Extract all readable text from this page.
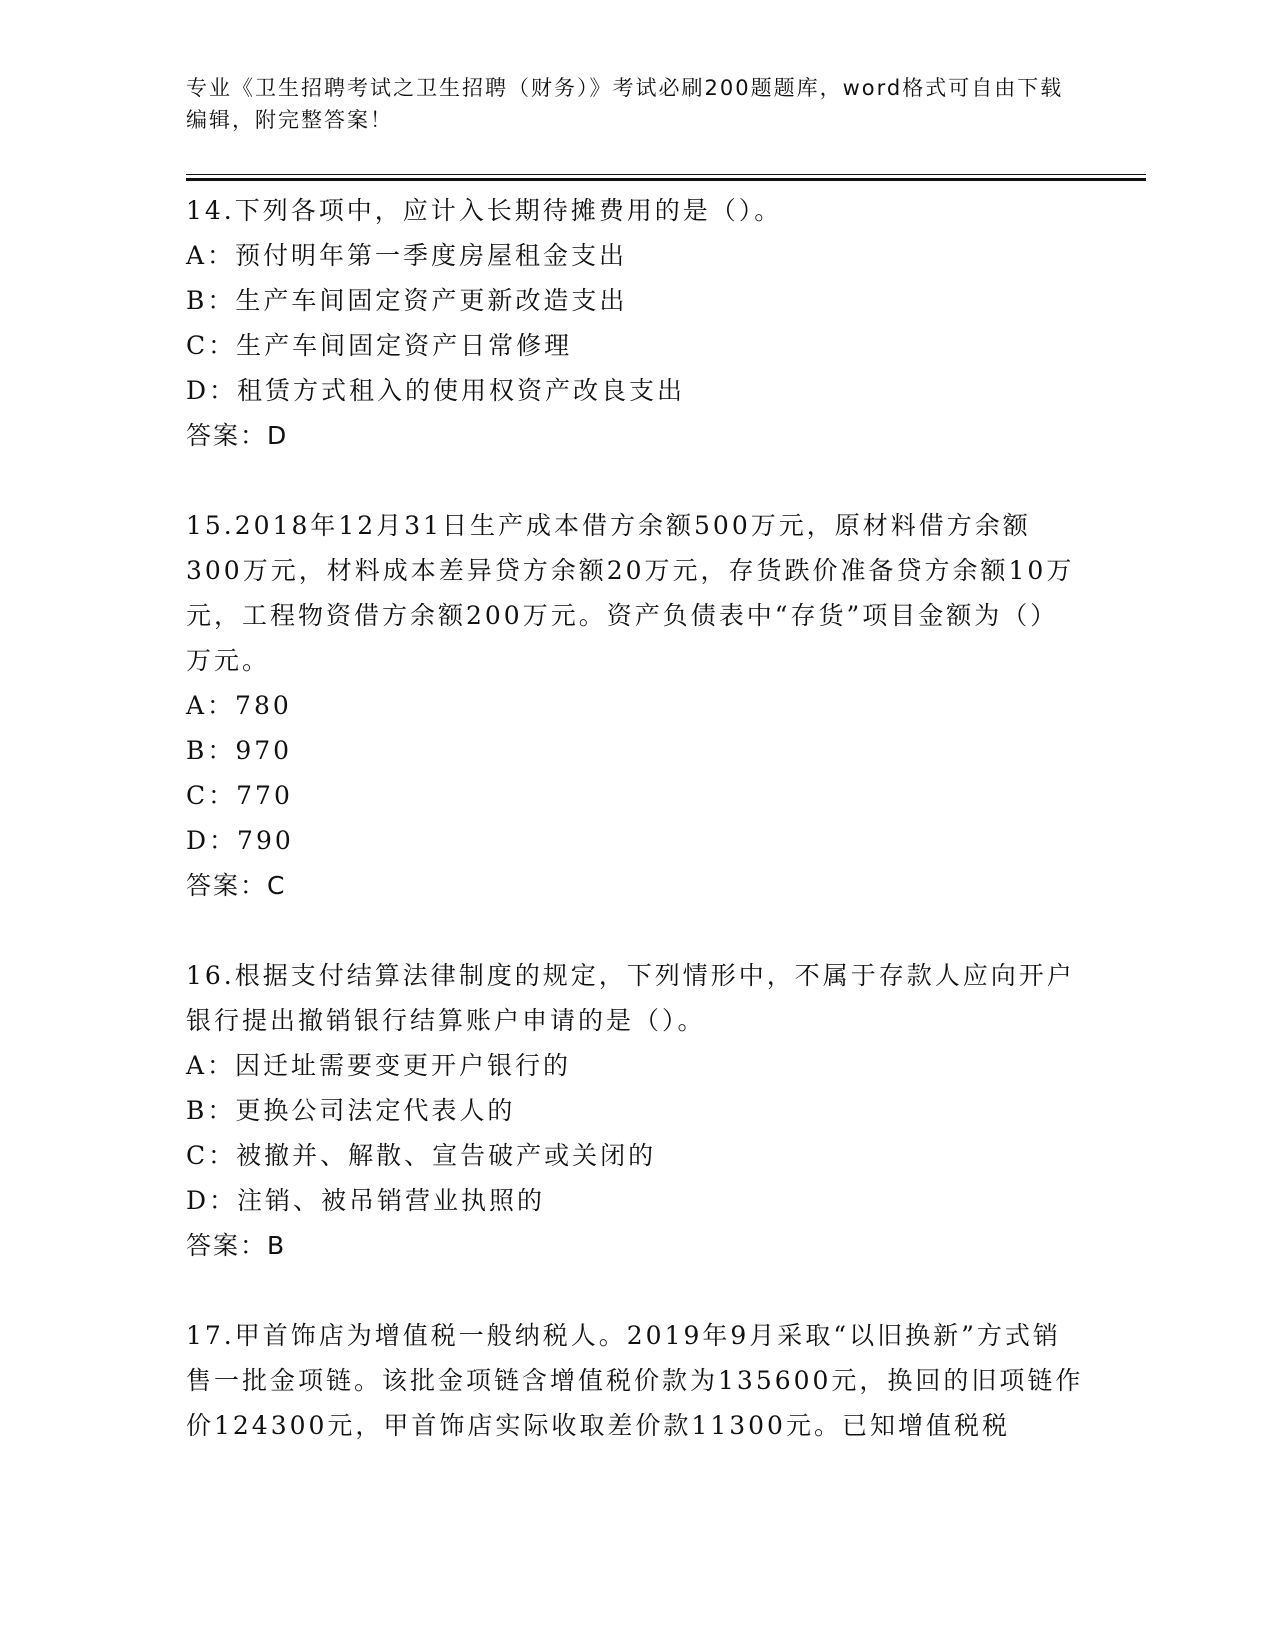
专业《卫生招聘考试之卫生招聘（财务）》考试必刷200题题库，word格式可自由下载编辑，附完整答案！
14.下列各项中，应计入长期待摊费用的是（）。
A：预付明年第一季度房屋租金支出
B：生产车间固定资产更新改造支出
C：生产车间固定资产日常修理
D：租赁方式租入的使用权资产改良支出
答案：D
15.2018年12月31日生产成本借方余额500万元，原材料借方余额300万元，材料成本差异贷方余额20万元，存货跌价准备贷方余额10万元，工程物资借方余额200万元。资产负债表中“存货”项目金额为（）万元。
A：780
B：970
C：770
D：790
答案：C
16.根据支付结算法律制度的规定，下列情形中，不属于存款人应向开户银行提出撤销银行结算账户申请的是（）。
A：因迁址需要变更开户银行的
B：更换公司法定代表人的
C：被撤并、解散、宣告破产或关闭的
D：注销、被吊销营业执照的
答案：B
17.甲首饰店为增值税一般纳税人。2019年9月采取“以旧换新”方式销售一批金项链。该批金项链含增值税价款为135600元，换回的旧项链作价124300元，甲首饰店实际收取差价款11300元。已知增值税税
